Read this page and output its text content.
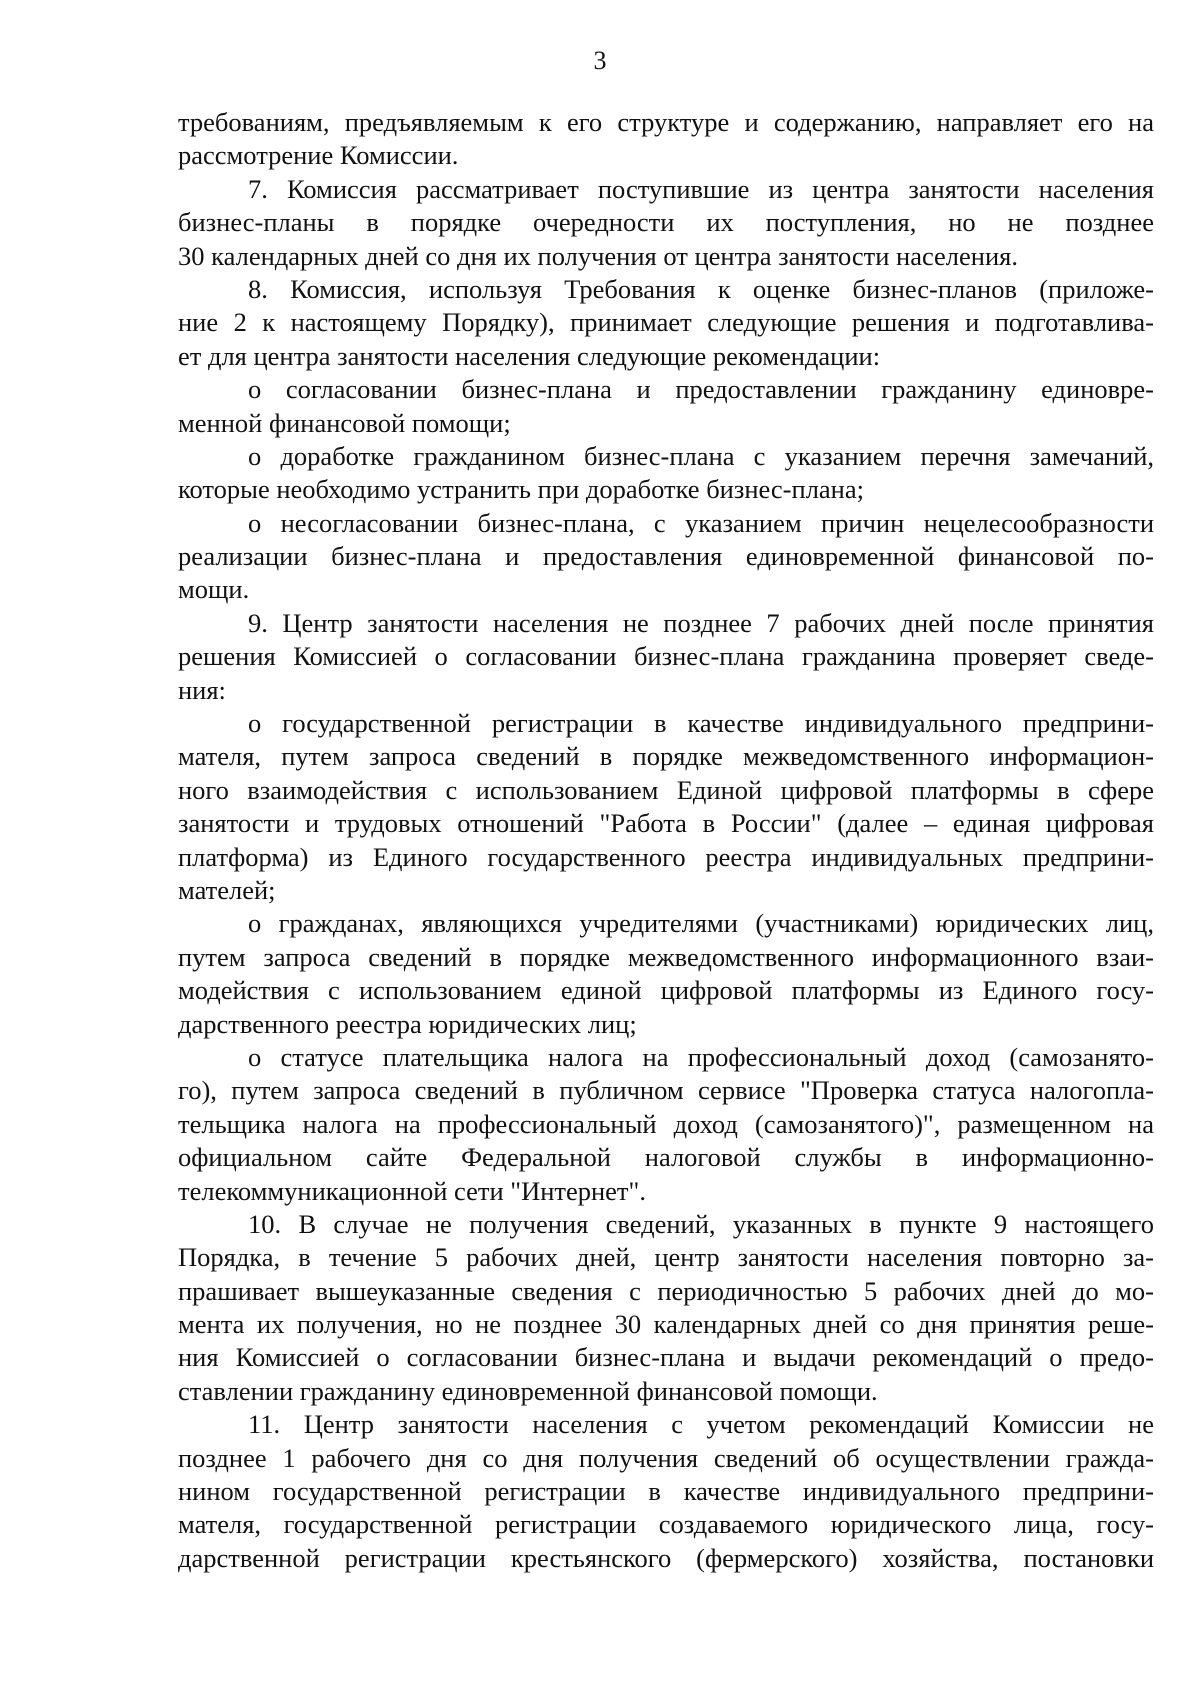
3
требованиям, предъявляемым к его структуре и содержанию, направляет его на
рассмотрение Комиссии.
7. Комиссия рассматривает поступившие из центра занятости населения
бизнес-планы в порядке очередности их поступления, но не позднее
30 календарных дней со дня их получения от центра занятости населения.
8. Комиссия, используя Требования к оценке бизнес-планов (приложе-
ние 2 к настоящему Порядку), принимает следующие решения и подготавлива-
ет для центра занятости населения следующие рекомендации:
о согласовании бизнес-плана и предоставлении гражданину единовре-
менной финансовой помощи;
о доработке гражданином бизнес-плана с указанием перечня замечаний,
которые необходимо устранить при доработке бизнес-плана;
о несогласовании бизнес-плана, с указанием причин нецелесообразности
реализации бизнес-плана и предоставления единовременной финансовой по-
мощи.
9. Центр занятости населения не позднее 7 рабочих дней после принятия
решения Комиссией о согласовании бизнес-плана гражданина проверяет сведе-
ния:
о государственной регистрации в качестве индивидуального предприни-
мателя, путем запроса сведений в порядке межведомственного информацион-
ного взаимодействия с использованием Единой цифровой платформы в сфере
занятости и трудовых отношений "Работа в России" (далее – единая цифровая
платформа) из Единого государственного реестра индивидуальных предприни-
мателей;
о гражданах, являющихся учредителями (участниками) юридических лиц,
путем запроса сведений в порядке межведомственного информационного взаи-
модействия с использованием единой цифровой платформы из Единого госу-
дарственного реестра юридических лиц;
о статусе плательщика налога на профессиональный доход (самозанято-
го), путем запроса сведений в публичном сервисе "Проверка статуса налогопла-
тельщика налога на профессиональный доход (самозанятого)", размещенном на
официальном сайте Федеральной налоговой службы в информационно-
телекоммуникационной сети "Интернет".
10. В случае не получения сведений, указанных в пункте 9 настоящего
Порядка, в течение 5 рабочих дней, центр занятости населения повторно за-
прашивает вышеуказанные сведения с периодичностью 5 рабочих дней до мо-
мента их получения, но не позднее 30 календарных дней со дня принятия реше-
ния Комиссией о согласовании бизнес-плана и выдачи рекомендаций о предо-
ставлении гражданину единовременной финансовой помощи.
11. Центр занятости населения с учетом рекомендаций Комиссии не
позднее 1 рабочего дня со дня получения сведений об осуществлении гражда-
нином государственной регистрации в качестве индивидуального предприни-
мателя, государственной регистрации создаваемого юридического лица, госу-
дарственной регистрации крестьянского (фермерского) хозяйства, постановки
